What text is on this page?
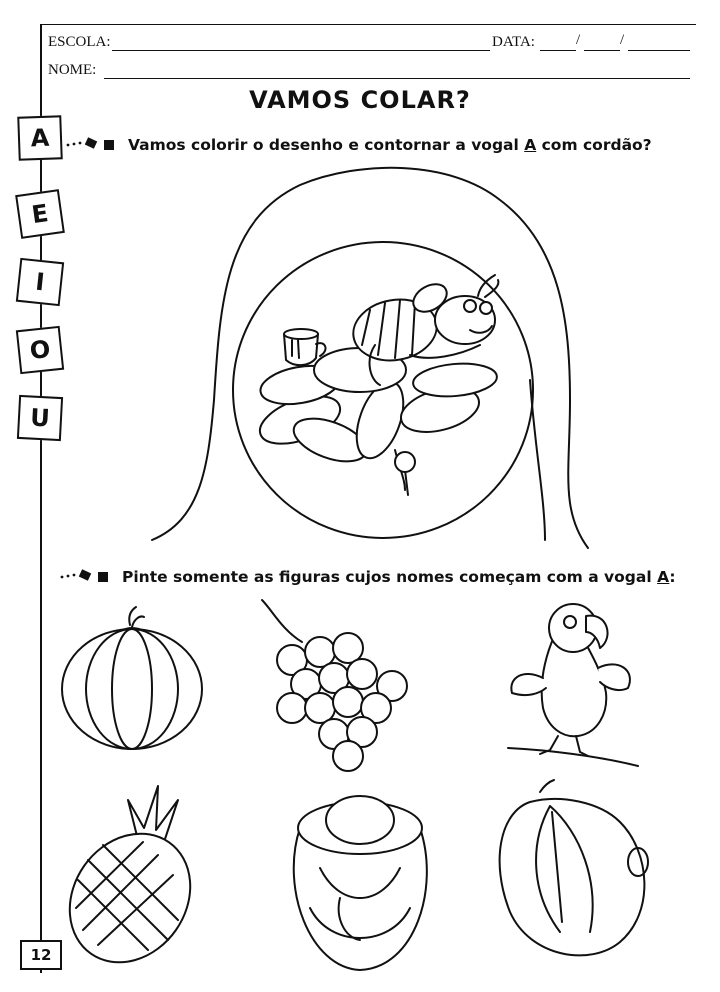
ESCOLA:	DATA:	/	/
NOME:
VAMOS COLAR?
Vamos colorir o desenho e contornar a vogal A com cordão?
Pinte somente as figuras cujos nomes começam com a vogal A:
A
E
I
O
U
12
